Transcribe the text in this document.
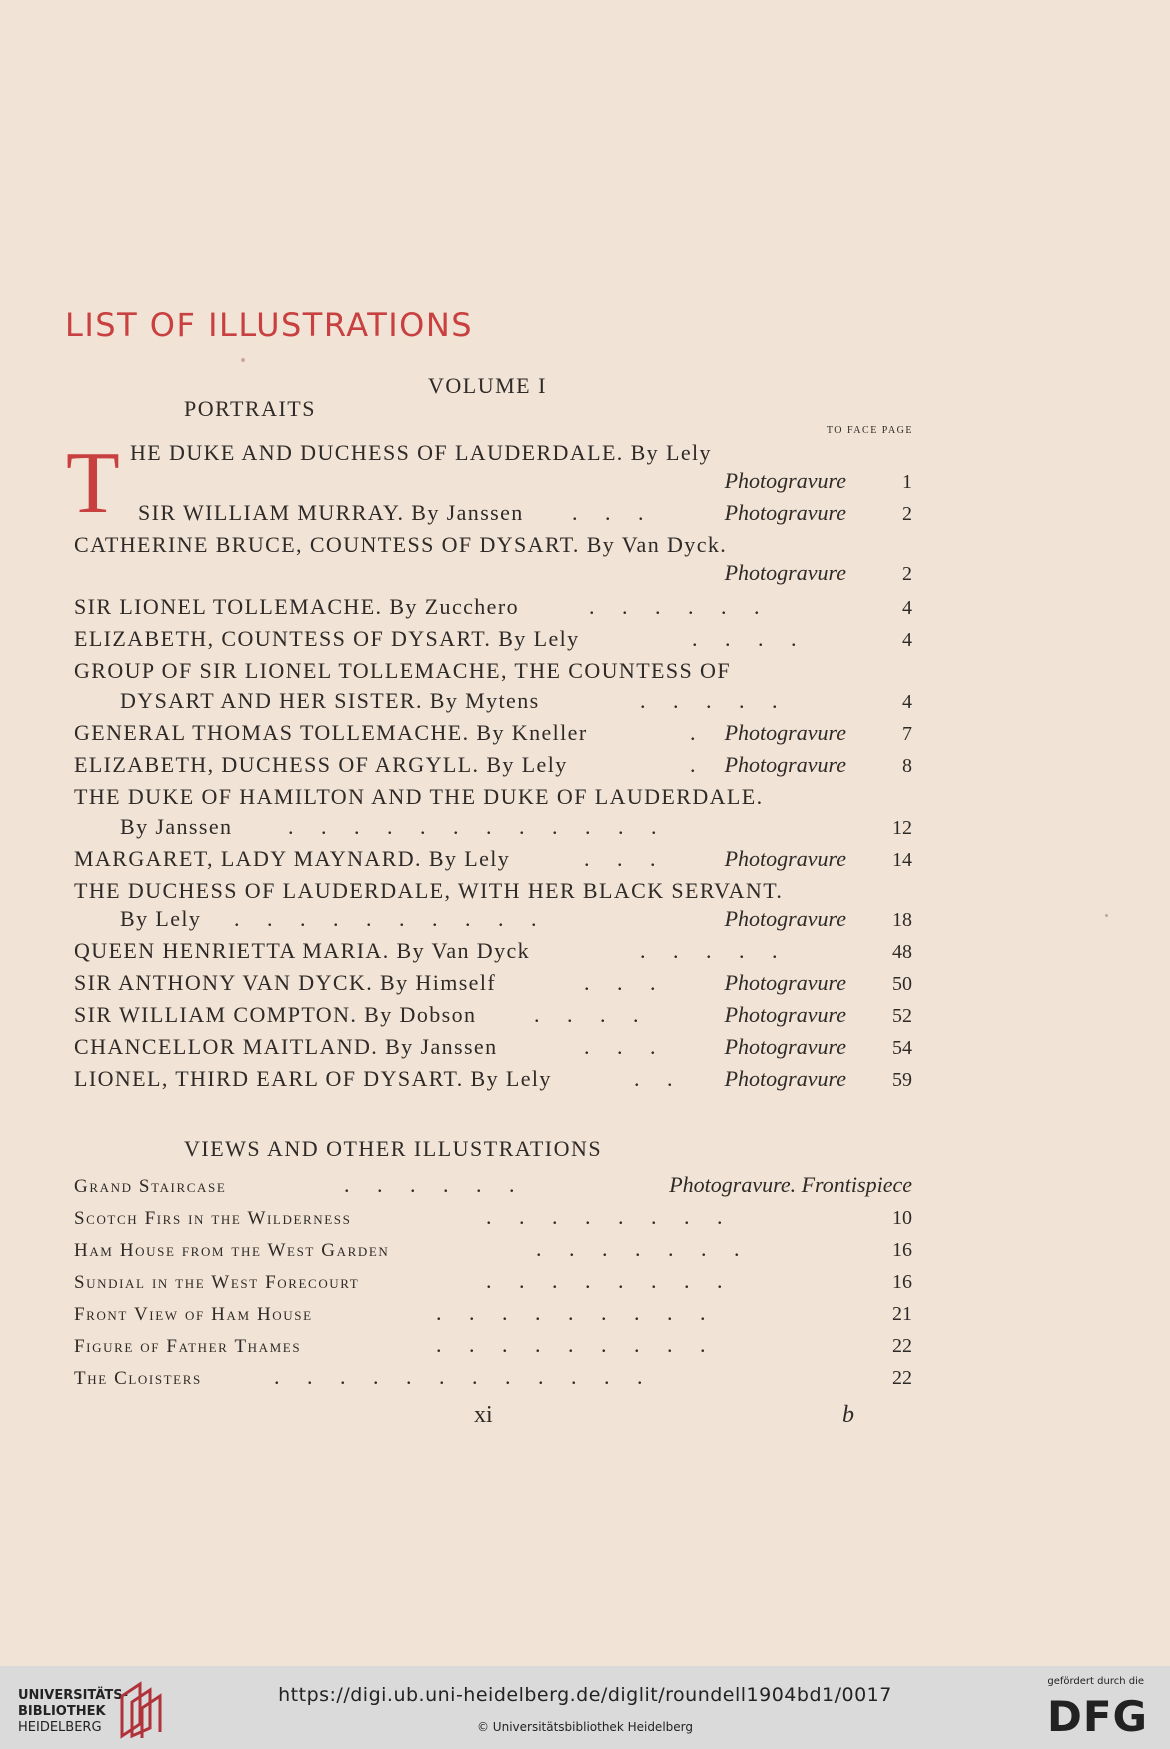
LIST OF ILLUSTRATIONS
VOLUME I
PORTRAITS
TO FACE PAGE
T HE DUKE AND DUCHESS OF LAUDERDALE. By Lely
Photogravure	1
SIR WILLIAM MURRAY. By Janssen .     .     .	Photogravure	2
CATHERINE BRUCE, COUNTESS OF DYSART. By Van Dyck.
Photogravure	2
SIR LIONEL TOLLEMACHE. By Zucchero	.     .     .     .     .     .	4
ELIZABETH, COUNTESS OF DYSART. By Lely	.     .     .     .	4
GROUP OF SIR LIONEL TOLLEMACHE, THE COUNTESS OF
DYSART AND HER SISTER. By Mytens	.     .     .     .     .	4
GENERAL THOMAS TOLLEMACHE. By Kneller	. Photogravure	7
ELIZABETH, DUCHESS OF ARGYLL. By Lely	. Photogravure	8
THE DUKE OF HAMILTON AND THE DUKE OF LAUDERDALE.
By Janssen	.     .     .     .     .     .     .     .     .     .     .     .	12
MARGARET, LADY MAYNARD. By Lely	.     .     .	Photogravure 14
THE DUCHESS OF LAUDERDALE, WITH HER BLACK SERVANT.
By Lely .     .     .     .     .     .     .     .     .     .	Photogravure 18
QUEEN HENRIETTA MARIA. By Van Dyck	.     .     .     .     .	48
SIR ANTHONY VAN DYCK. By Himself	.     .     .	Photogravure 50
SIR WILLIAM COMPTON. By Dobson	.     .     .     .	Photogravure 52
CHANCELLOR MAITLAND. By Janssen	.     .     .	Photogravure 54
LIONEL, THIRD EARL OF DYSART. By Lely	.     . Photogravure 59
VIEWS AND OTHER ILLUSTRATIONS
Grand Staircase	.     .     .     .     .     .	Photogravure. Frontispiece
Scotch Firs in the Wilderness	.     .     .     .     .     .     .     .	10
Ham House from the West Garden	.     .     .     .     .     .     .	16
Sundial in the West Forecourt	.     .     .     .     .     .     .     .	16
Front View of Ham House	.     .     .     .     .     .     .     .     .	21
Figure of Father Thames	.     .     .     .     .     .     .     .     .	22
The Cloisters	.     .     .     .     .     .     .     .     .     .     .     .	22
xi	b
UNIVERSITÄTS-
BIBLIOTHEK
HEIDELBERG
https://digi.ub.uni-heidelberg.de/diglit/roundell1904bd1/0017
© Universitätsbibliothek Heidelberg
gefördert durch die
DFG
